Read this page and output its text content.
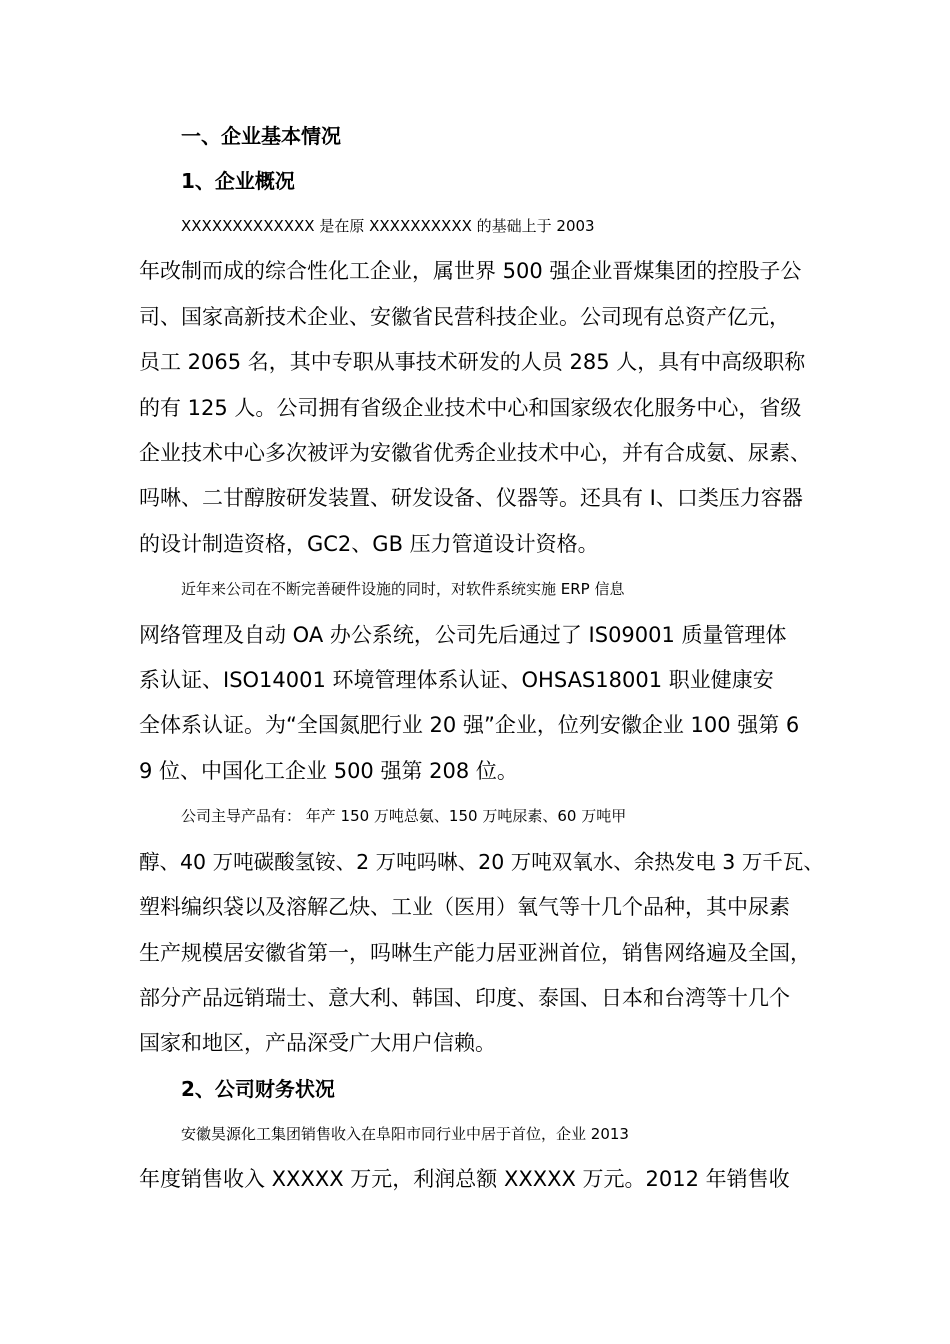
一、企业基本情况

1、企业概况

XXXXXXXXXXXXX 是在原 XXXXXXXXXX 的基础上于 2003
年改制而成的综合性化工企业，属世界 500 强企业晋煤集团的控股子公
司、国家高新技术企业、安徽省民营科技企业。公司现有总资产亿元，
员工 2065 名，其中专职从事技术研发的人员 285 人，具有中高级职称
的有 125 人。公司拥有省级企业技术中心和国家级农化服务中心，省级
企业技术中心多次被评为安徽省优秀企业技术中心，并有合成氨、尿素、
吗啉、二甘醇胺研发装置、研发设备、仪器等。还具有 I、口类压力容器
的设计制造资格，GC2、GB 压力管道设计资格。
近年来公司在不断完善硬件设施的同时，对软件系统实施 ERP 信息
网络管理及自动 OA 办公系统，公司先后通过了 IS09001 质量管理体
系认证、ISO14001 环境管理体系认证、OHSAS18001 职业健康安
全体系认证。为“全国氮肥行业 20 强”企业，位列安徽企业 100 强第 6
9 位、中国化工企业 500 强第 208 位。
公司主导产品有： 年产 150 万吨总氨、150 万吨尿素、60 万吨甲
醇、40 万吨碳酸氢铵、2 万吨吗啉、20 万吨双氧水、余热发电 3 万千瓦、
塑料编织袋以及溶解乙炔、工业（医用）氧气等十几个品种，其中尿素
生产规模居安徽省第一，吗啉生产能力居亚洲首位，销售网络遍及全国，
部分产品远销瑞士、意大利、韩国、印度、泰国、日本和台湾等十几个
国家和地区，产品深受广大用户信赖。

2、公司财务状况

安徽昊源化工集团销售收入在阜阳市同行业中居于首位，企业 2013
年度销售收入 XXXXX 万元，利润总额 XXXXX 万元。2012 年销售收
